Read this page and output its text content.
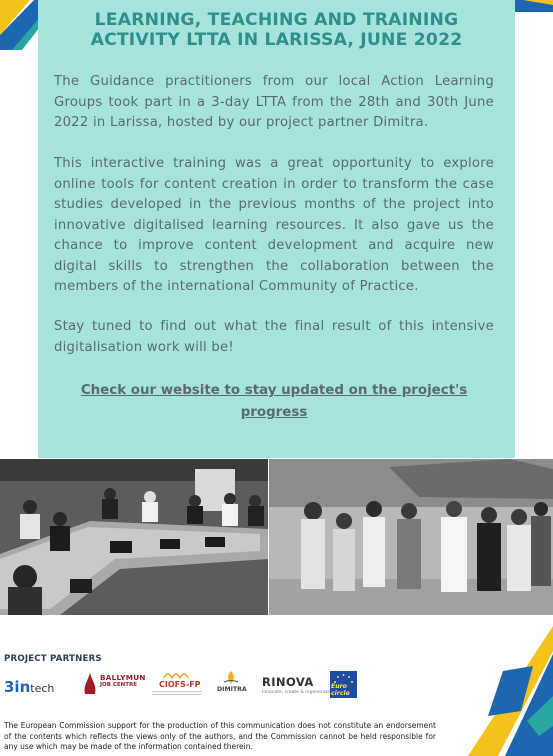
LEARNING, TEACHING AND TRAINING
ACTIVITY LTTA IN LARISSA, JUNE 2022

The Guidance practitioners from our local Action Learning Groups took part in a 3-day LTTA from the 28th and 30th June 2022 in Larissa, hosted by our project partner Dimitra.

This interactive training was a great opportunity to explore online tools for content creation in order to transform the case studies developed in the previous months of the project into innovative digitalised learning resources. It also gave us the chance to improve content development and acquire new digital skills to strengthen the collaboration between the members of the international Community of Practice.

Stay tuned to find out what the final result of this intensive digitalisation work will be!

Check our website to stay updated on the project's
progress
PROJECT PARTNERS
3intech
BALLYMUN
JOB CENTRE	CIOFS-FP
DIMITRA
RINOVA
Innovate, create & regenerate
Euro circle

The European Commission support for the production of this communication does not constitute an endorsement of the contents which reflects the views only of the authors, and the Commission cannot be held responsible for any use which may be made of the information contained therein.
